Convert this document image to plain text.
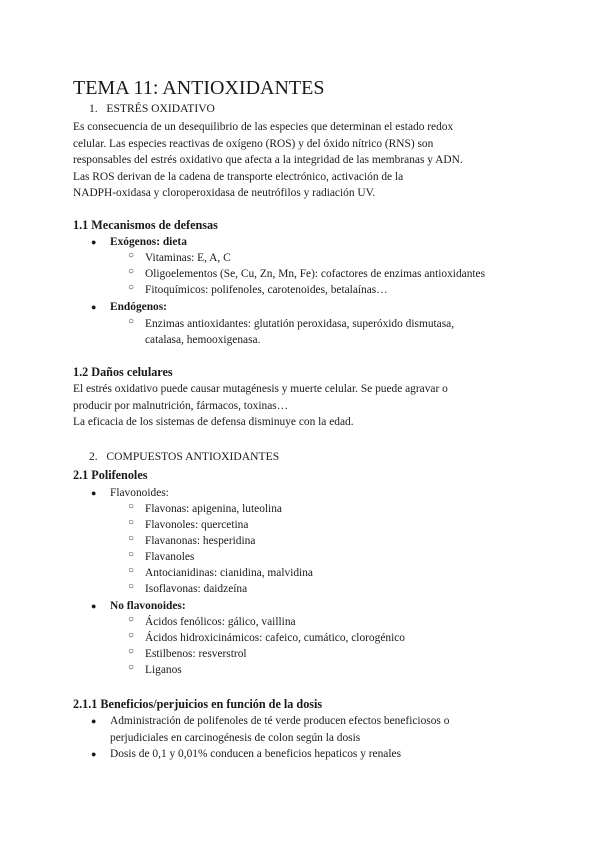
TEMA 11: ANTIOXIDANTES
1. ESTRÉS OXIDATIVO
Es consecuencia de un desequilibrio de las especies que determinan el estado redox
celular. Las especies reactivas de oxígeno (ROS) y del óxido nítrico (RNS) son
responsables del estrés oxidativo que afecta a la integridad de las membranas y ADN.
Las ROS derivan de la cadena de transporte electrónico, activación de la
NADPH-oxidasa y cloroperoxidasa de neutrófilos y radiación UV.
1.1 Mecanismos de defensas
● Exógenos: dieta
○ Vitaminas: E, A, C
○ Oligoelementos (Se, Cu, Zn, Mn, Fe): cofactores de enzimas antioxidantes
○ Fitoquímicos: polifenoles, carotenoides, betalaínas…
● Endógenos:
○ Enzimas antioxidantes: glutatión peroxidasa, superóxido dismutasa,
catalasa, hemooxigenasa.
1.2 Daños celulares
El estrés oxidativo puede causar mutagénesis y muerte celular. Se puede agravar o
producir por malnutrición, fármacos, toxinas…
La eficacia de los sistemas de defensa disminuye con la edad.
2. COMPUESTOS ANTIOXIDANTES
2.1 Polifenoles
● Flavonoides:
○ Flavonas: apigenina, luteolina
○ Flavonoles: quercetina
○ Flavanonas: hesperidina
○ Flavanoles
○ Antocianidinas: cianidina, malvidina
○ Isoflavonas: daidzeína
● No flavonoides:
○ Ácidos fenólicos: gálico, vaillina
○ Ácidos hidroxicinámicos: cafeico, cumático, clorogénico
○ Estilbenos: resverstrol
○ Liganos
2.1.1 Beneficios/perjuicios en función de la dosis
● Administración de polifenoles de té verde producen efectos beneficiosos o
perjudiciales en carcinogénesis de colon según la dosis
● Dosis de 0,1 y 0,01% conducen a beneficios hepaticos y renales
